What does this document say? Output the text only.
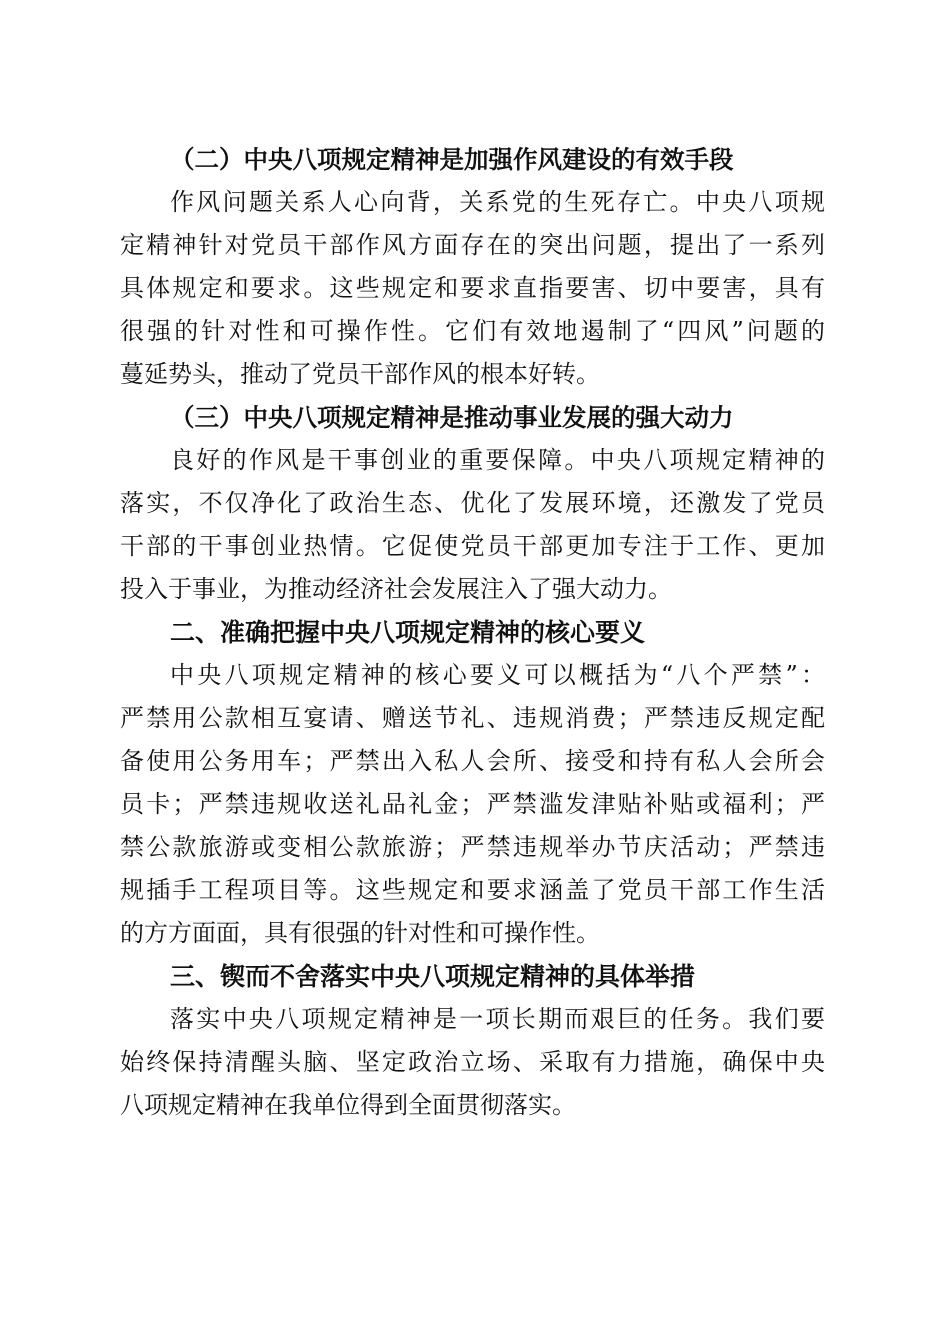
（二）中央八项规定精神是加强作风建设的有效手段
作风问题关系人心向背，关系党的生死存亡。中央八项规
定精神针对党员干部作风方面存在的突出问题，提出了一系列
具体规定和要求。这些规定和要求直指要害、切中要害，具有
很强的针对性和可操作性。它们有效地遏制了“四风”问题的
蔓延势头，推动了党员干部作风的根本好转。
（三）中央八项规定精神是推动事业发展的强大动力
良好的作风是干事创业的重要保障。中央八项规定精神的
落实，不仅净化了政治生态、优化了发展环境，还激发了党员
干部的干事创业热情。它促使党员干部更加专注于工作、更加
投入于事业，为推动经济社会发展注入了强大动力。
二、准确把握中央八项规定精神的核心要义
中央八项规定精神的核心要义可以概括为“八个严禁”：
严禁用公款相互宴请、赠送节礼、违规消费；严禁违反规定配
备使用公务用车；严禁出入私人会所、接受和持有私人会所会
员卡；严禁违规收送礼品礼金；严禁滥发津贴补贴或福利；严
禁公款旅游或变相公款旅游；严禁违规举办节庆活动；严禁违
规插手工程项目等。这些规定和要求涵盖了党员干部工作生活
的方方面面，具有很强的针对性和可操作性。
三、锲而不舍落实中央八项规定精神的具体举措
落实中央八项规定精神是一项长期而艰巨的任务。我们要
始终保持清醒头脑、坚定政治立场、采取有力措施，确保中央
八项规定精神在我单位得到全面贯彻落实。
